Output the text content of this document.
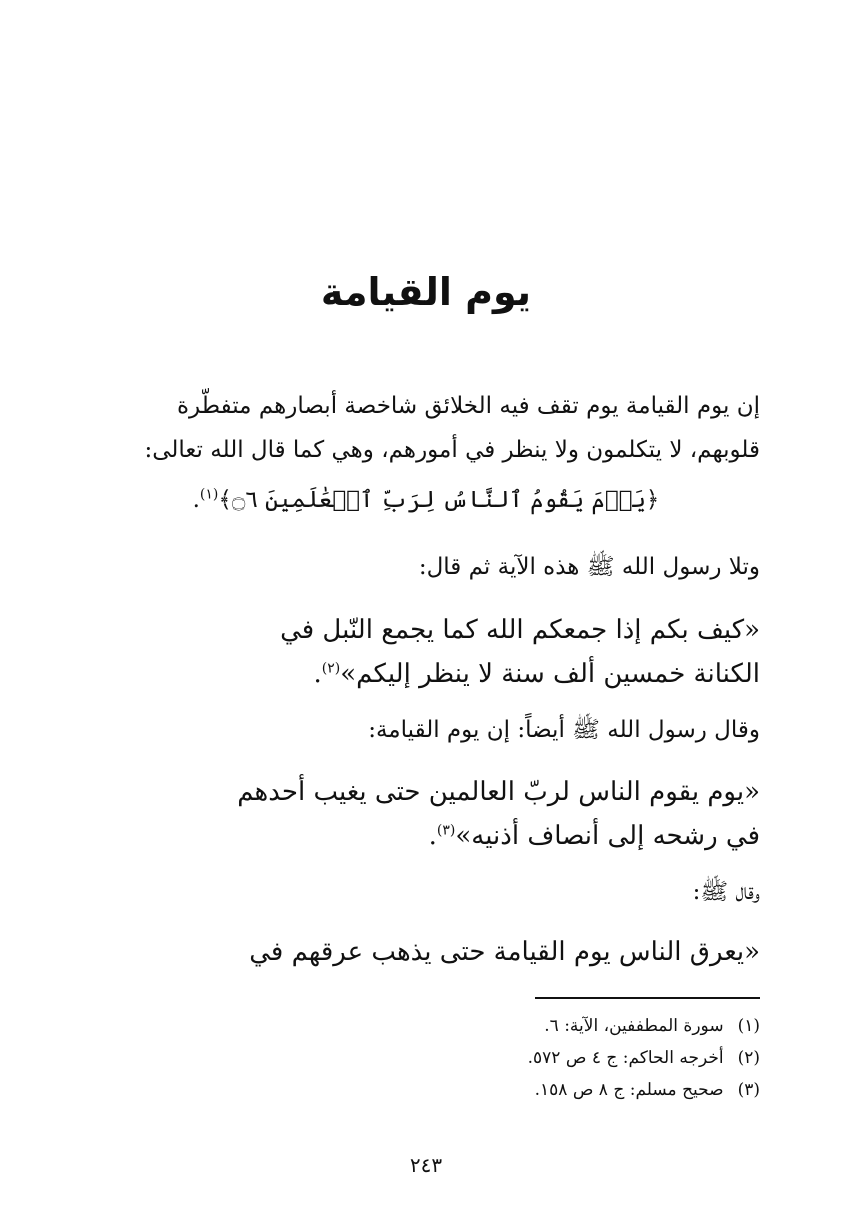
يوم القيامة
إن يوم القيامة يوم تقف فيه الخلائق شاخصة أبصارهم متفطّرة
قلوبهم، لا يتكلمون ولا ينظر في أمورهم، وهي كما قال الله تعالى:
﴿يَوۡمَ يَقُومُ ٱلنَّاسُ لِرَبِّ ٱلۡعَٰلَمِينَ ۝٦﴾$^{(١)}$.
وتلا رسول الله ﷺ هذه الآية ثم قال:
«كيف بكم إذا جمعكم الله كما يجمع النّبل في
الكنانة خمسين ألف سنة لا ينظر إليكم»$^{(٢)}$.
وقال رسول الله ﷺ أيضاً: إن يوم القيامة:
«يوم يقوم الناس لربّ العالمين حتى يغيب أحدهم
في رشحه إلى أنصاف أذنيه»$^{(٣)}$.
وقال ﷺ:
«يعرق الناس يوم القيامة حتى يذهب عرقهم في
(١)سورة المطففين، الآية: ٦.
(٢)أخرجه الحاكم: ج ٤ ص ٥٧٢.
(٣)صحيح مسلم: ج ٨ ص ١٥٨.
٢٤٣
